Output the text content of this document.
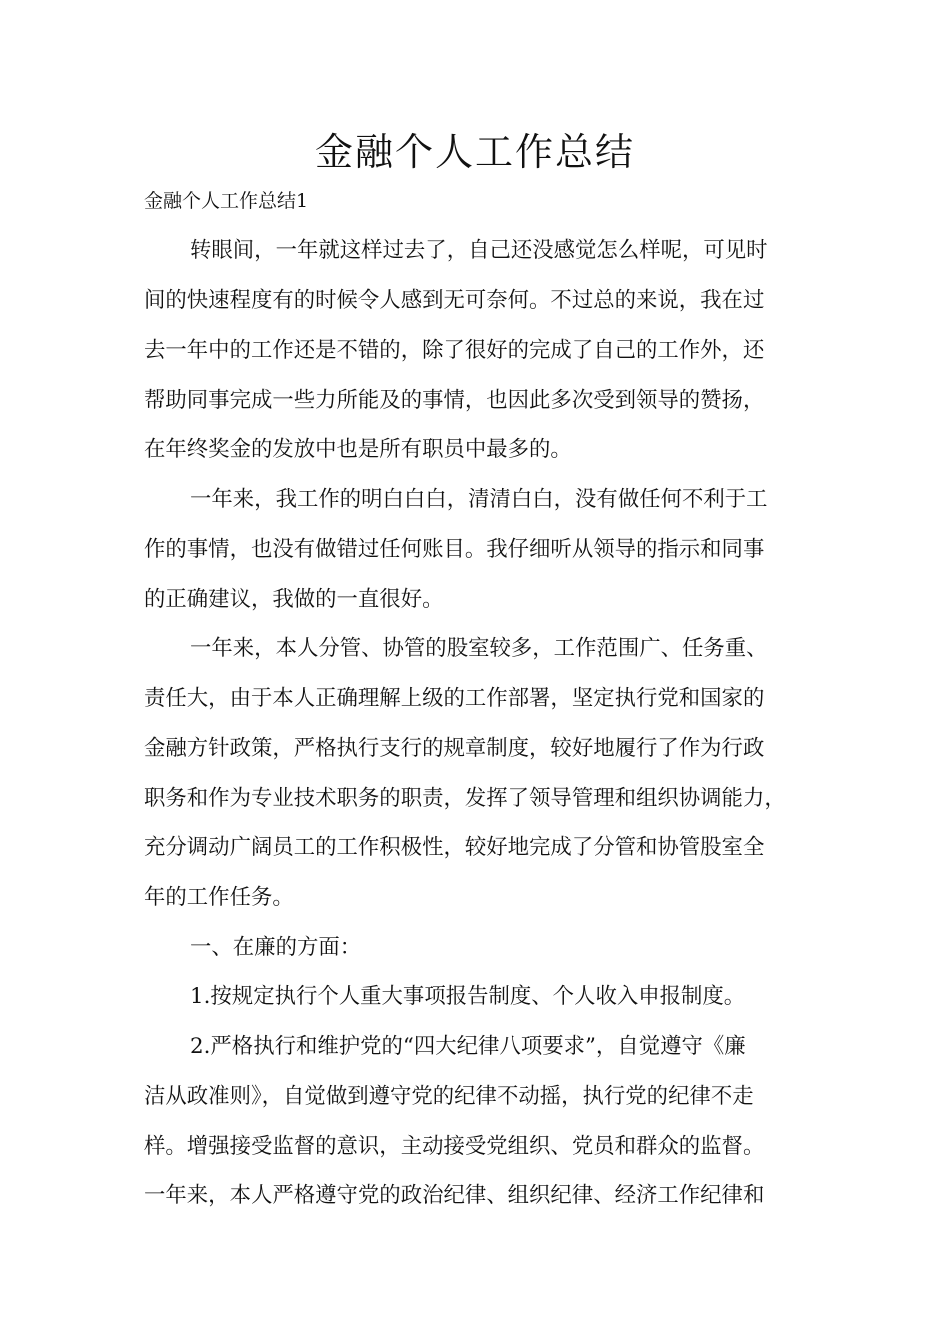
金融个人工作总结
金融个人工作总结1
转眼间，一年就这样过去了，自己还没感觉怎么样呢，可见时
间的快速程度有的时候令人感到无可奈何。不过总的来说，我在过
去一年中的工作还是不错的，除了很好的完成了自己的工作外，还
帮助同事完成一些力所能及的事情，也因此多次受到领导的赞扬，
在年终奖金的发放中也是所有职员中最多的。
一年来，我工作的明白白白，清清白白，没有做任何不利于工
作的事情，也没有做错过任何账目。我仔细听从领导的指示和同事
的正确建议，我做的一直很好。
一年来，本人分管、协管的股室较多，工作范围广、任务重、
责任大，由于本人正确理解上级的工作部署，坚定执行党和国家的
金融方针政策，严格执行支行的规章制度，较好地履行了作为行政
职务和作为专业技术职务的职责，发挥了领导管理和组织协调能力，
充分调动广阔员工的工作积极性，较好地完成了分管和协管股室全
年的工作任务。
一、在廉的方面：
1.按规定执行个人重大事项报告制度、个人收入申报制度。
2.严格执行和维护党的“四大纪律八项要求”，自觉遵守《廉
洁从政准则》，自觉做到遵守党的纪律不动摇，执行党的纪律不走
样。增强接受监督的意识，主动接受党组织、党员和群众的监督。
一年来，本人严格遵守党的政治纪律、组织纪律、经济工作纪律和
